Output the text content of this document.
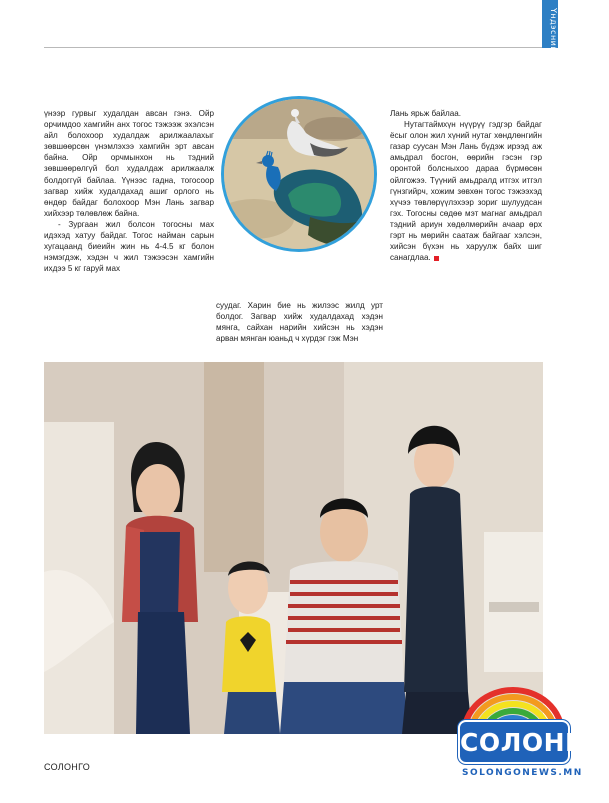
Үндэсний

үнээр гурвыг худалдан авсан гэнэ. Ойр орчимдоо хамгийн анх тогос тэжээж эхэлсэн айл болохоор худалдаж арилжаалахыг зөвшөөрсөн үнэмлэхээ хамгийн эрт авсан байна. Ойр орчмынхон нь тэдний зөвшөөрөлгүй бол худалдаж арилжаалж болдоггүй байлаа. Үүнээс гадна, тогосоор загвар хийж худалдахад ашиг орлого нь өндөр байдаг болохоор Мэн Лань загвар хийхээр төлөвлөж байна.

- Зургаан жил болсон тогосны мах идэхэд хатуу байдаг. Тогос найман сарын хугацаанд биеийн жин нь 4-4.5 кг болон нэмэгдэж, хэдэн ч жил тэжээсэн хамгийн ихдээ 5 кг гаруй мах

суудаг. Харин бие нь жилээс жилд урт болдог. Загвар хийж худалдахад хэдэн мянга, сайхан нарийн хийсэн нь хэдэн арван мянган юаньд ч хүрдэг гэж Мэн

Лань ярьж байлаа.

Нутагтаймхүн нүүрүү гэдгэр байдаг ёсыг олон жил хүний нутаг хөндлөнгийн газар суусан Мэн Лань бүдэж ирээд аж амьдрал босгон, өөрийн гэсэн гэр оронтой болсныхоо дараа бүрмөсөн ойлгожээ. Түүний амьдралд итгэх итгэл гүнзгийрч, хожим зөвхөн тогос тэжээхэд хүчээ төвлөрүүлэхээр зориг шулуудсан гэх. Тогосны сөдөө мэт магнаг амьдрал тэдний ариун хөдөлмөрийн ачаар өрх гэрт нь мөрийн саатаж байгааг хэлсэн, хийсэн бүхэн нь харуулж байх шиг санагдлаа.

СОЛОНГО
SOLONGONEWS.MN
СОЛОНГО
